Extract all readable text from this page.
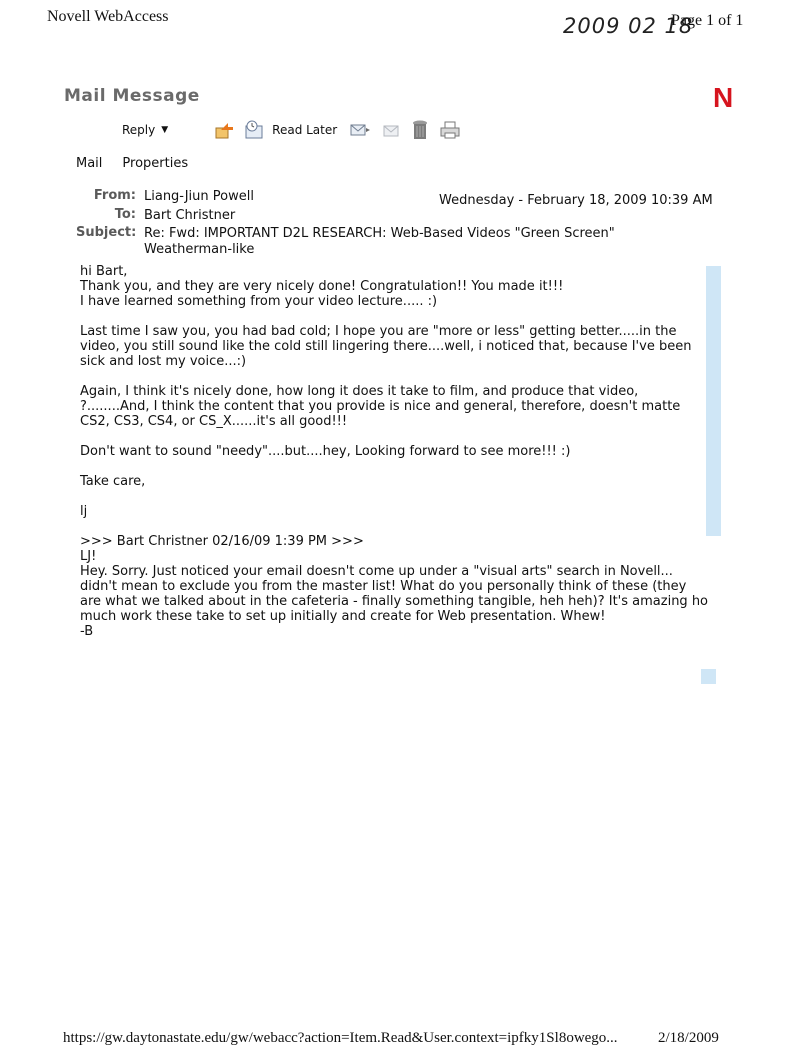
Novell WebAccess	2009 02 18
Page 1 of 1
Mail Message	N
Reply ▼	Read Later
Mail Properties
From: Liang-Jiun Powell	Wednesday - February 18, 2009 10:39 AM
To: Bart Christner
Subject: Re: Fwd: IMPORTANT D2L RESEARCH: Web-Based Videos "Green Screen" Weatherman-like

hi Bart,

Thank you, and they are very nicely done! Congratulation!! You made it!!!

I have learned something from your video lecture..... :)

Last time I saw you, you had bad cold; I hope you are "more or less" getting better.....in the video, you still sound like the cold still lingering there....well, i noticed that, because I've been sick and lost my voice...:)

Again, I think it's nicely done, how long it does it take to film, and produce that video, ?........And, I think the content that you provide is nice and general, therefore, doesn't matte CS2, CS3, CS4, or CS_X......it's all good!!!

Don't want to sound "needy"....but....hey, Looking forward to see more!!! :)

Take care,

lj

>>> Bart Christner 02/16/09 1:39 PM >>>

LJ!

Hey. Sorry. Just noticed your email doesn't come up under a "visual arts" search in Novell... didn't mean to exclude you from the master list! What do you personally think of these (they are what we talked about in the cafeteria - finally something tangible, heh heh)? It's amazing ho much work these take to set up initially and create for Web presentation. Whew!

-B

https://gw.daytonastate.edu/gw/webacc?action=Item.Read&User.context=ipfky1Sl8owego...	2/18/2009
